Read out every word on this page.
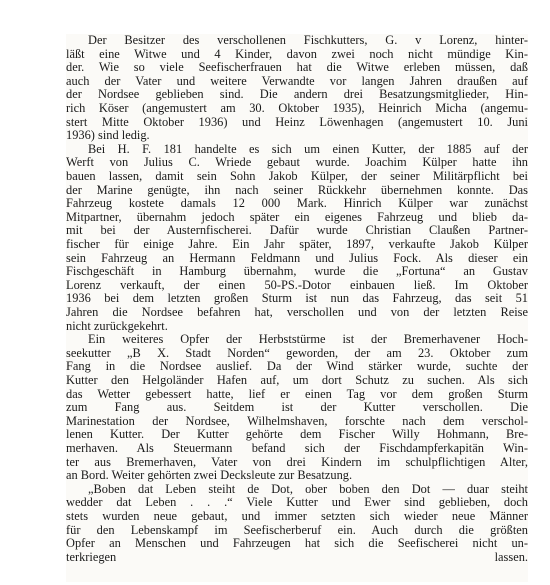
Der Besitzer des verschollenen Fischkutters, G. v Lorenz, hinter-
läßt eine Witwe und 4 Kinder, davon zwei noch nicht mündige Kin-
der. Wie so viele Seefischerfrauen hat die Witwe erleben müssen, daß
auch der Vater und weitere Verwandte vor langen Jahren draußen auf
der Nordsee geblieben sind. Die andern drei Besatzungsmitglieder, Hin-
rich Köser (angemustert am 30. Oktober 1935), Heinrich Micha (angemu-
stert Mitte Oktober 1936) und Heinz Löwenhagen (angemustert 10. Juni
1936) sind ledig.
Bei H. F. 181 handelte es sich um einen Kutter, der 1885 auf der
Werft von Julius C. Wriede gebaut wurde. Joachim Külper hatte ihn
bauen lassen, damit sein Sohn Jakob Külper, der seiner Militärpflicht bei
der Marine genügte, ihn nach seiner Rückkehr übernehmen konnte. Das
Fahrzeug kostete damals 12 000 Mark. Hinrich Külper war zunächst
Mitpartner, übernahm jedoch später ein eigenes Fahrzeug und blieb da-
mit bei der Austernfischerei. Dafür wurde Christian Claußen Partner-
fischer für einige Jahre. Ein Jahr später, 1897, verkaufte Jakob Külper
sein Fahrzeug an Hermann Feldmann und Julius Fock. Als dieser ein
Fischgeschäft in Hamburg übernahm, wurde die „Fortuna“ an Gustav
Lorenz verkauft, der einen 50-PS.-Dotor einbauen ließ. Im Oktober
1936 bei dem letzten großen Sturm ist nun das Fahrzeug, das seit 51
Jahren die Nordsee befahren hat, verschollen und von der letzten Reise
nicht zurückgekehrt.
Ein weiteres Opfer der Herbststürme ist der Bremerhavener Hoch-
seekutter „B X. Stadt Norden“ geworden, der am 23. Oktober zum
Fang in die Nordsee auslief. Da der Wind stärker wurde, suchte der
Kutter den Helgoländer Hafen auf, um dort Schutz zu suchen. Als sich
das Wetter gebessert hatte, lief er einen Tag vor dem großen Sturm
zum Fang aus. Seitdem ist der Kutter verschollen. Die
Marinestation der Nordsee, Wilhelmshaven, forschte nach dem verschol-
lenen Kutter. Der Kutter gehörte dem Fischer Willy Hohmann, Bre-
merhaven. Als Steuermann befand sich der Fischdampferkapitän Win-
ter aus Bremerhaven, Vater von drei Kindern im schulpflichtigen Alter,
an Bord. Weiter gehörten zwei Decksleute zur Besatzung.
„Boben dat Leben steiht de Dot, ober boben den Dot — duar steiht
wedder dat Leben . . .“ Viele Kutter und Ewer sind geblieben, doch
stets wurden neue gebaut, und immer setzten sich wieder neue Männer
für den Lebenskampf im Seefischerberuf ein. Auch durch die größten
Opfer an Menschen und Fahrzeugen hat sich die Seefischerei nicht un-
terkriegen lassen.
